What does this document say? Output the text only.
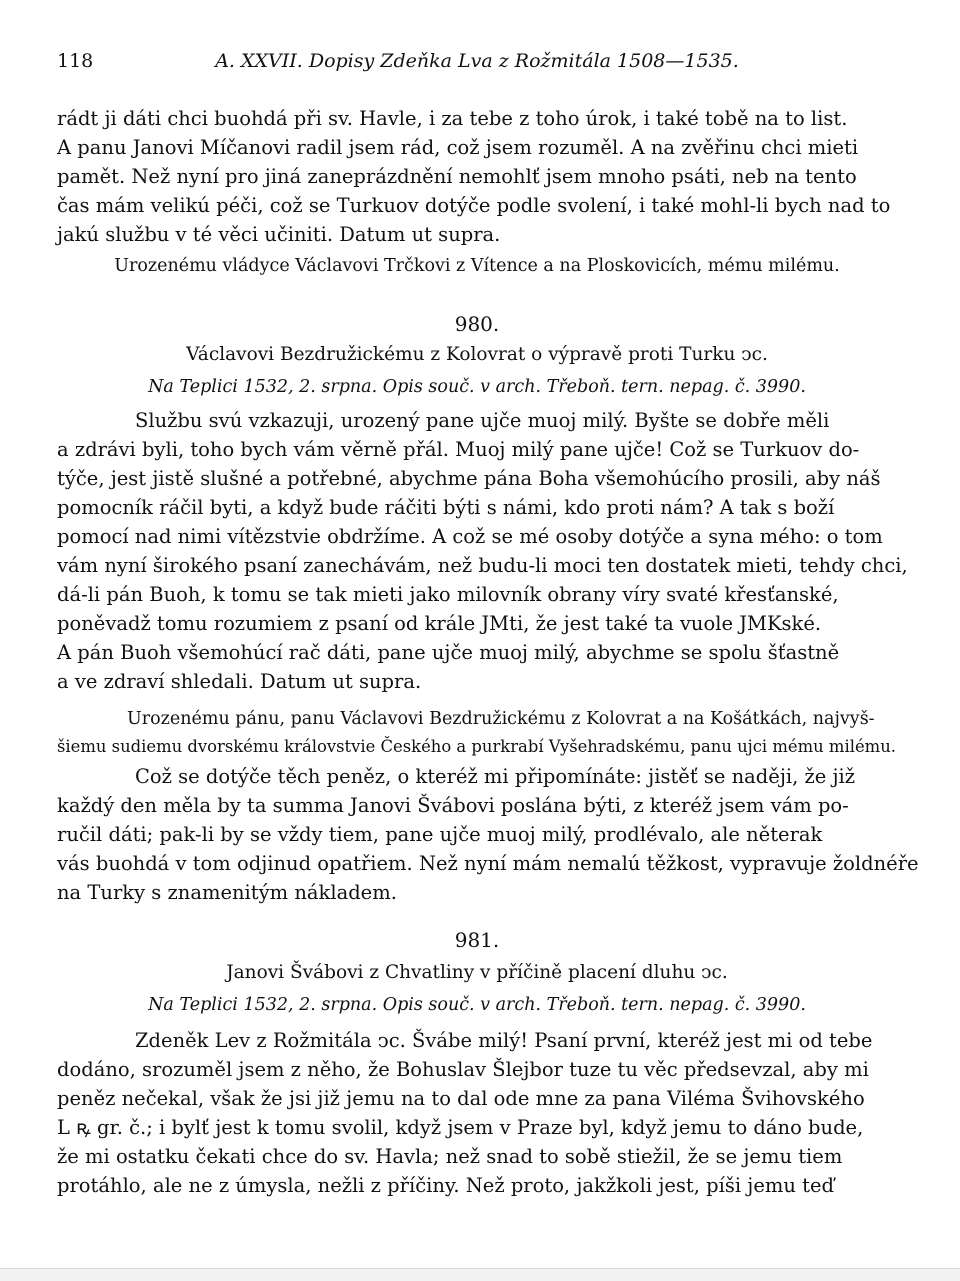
118	A. XXVII. Dopisy Zdeňka Lva z Rožmitála 1508—1535.
rádt ji dáti chci buohdá při sv. Havle, i za tebe z toho úrok, i také tobě na to list.
A panu Janovi Míčanovi radil jsem rád, což jsem rozuměl. A na zvěřinu chci mieti
pamět. Než nyní pro jiná zaneprázdnění nemohlť jsem mnoho psáti, neb na tento
čas mám velikú péči, což se Turkuov dotýče podle svolení, i také mohl-li bych nad to
jakú službu v té věci učiniti. Datum ut supra.
Urozenému vládyce Václavovi Trčkovi z Vítence a na Ploskovicích, mému milému.
980.
Václavovi Bezdružickému z Kolovrat o výpravě proti Turku ↄc.
Na Teplici 1532, 2. srpna. Opis souč. v arch. Třeboň. tern. nepag. č. 3990.
Službu svú vzkazuji, urozený pane ujče muoj milý. Byšte se dobře měli
a zdrávi byli, toho bych vám věrně přál. Muoj milý pane ujče! Což se Turkuov do-
týče, jest jistě slušné a potřebné, abychme pána Boha všemohúcího prosili, aby náš
pomocník ráčil byti, a když bude ráčiti býti s námi, kdo proti nám? A tak s boží
pomocí nad nimi vítězstvie obdržíme. A což se mé osoby dotýče a syna mého: o tom
vám nyní širokého psaní zanechávám, než budu-li moci ten dostatek mieti, tehdy chci,
dá-li pán Buoh, k tomu se tak mieti jako milovník obrany víry svaté křesťanské,
poněvadž tomu rozumiem z psaní od krále JMti, že jest také ta vuole JMKské.
A pán Buoh všemohúcí rač dáti, pane ujče muoj milý, abychme se spolu šťastně
a ve zdraví shledali. Datum ut supra.
Urozenému pánu, panu Václavovi Bezdružickému z Kolovrat a na Košátkách, najvyš-
šiemu sudiemu dvorskému královstvie Českého a purkrabí Vyšehradskému, panu ujci mému milému.
Což se dotýče těch peněz, o kteréž mi připomínáte: jistěť se naději, že již
každý den měla by ta summa Janovi Švábovi poslána býti, z kteréž jsem vám po-
ručil dáti; pak-li by se vždy tiem, pane ujče muoj milý, prodlévalo, ale něterak
vás buohdá v tom odjinud opatřiem. Než nyní mám nemalú těžkost, vypravuje žoldnéře
na Turky s znamenitým nákladem.
981.
Janovi Švábovi z Chvatliny v příčině placení dluhu ↄc.
Na Teplici 1532, 2. srpna. Opis souč. v arch. Třeboň. tern. nepag. č. 3990.
Zdeněk Lev z Rožmitála ↄc. Švábe milý! Psaní první, kteréž jest mi od tebe
dodáno, srozuměl jsem z něho, že Bohuslav Šlejbor tuze tu věc předsevzal, aby mi
peněz nečekal, však že jsi již jemu na to dal ode mne za pana Viléma Švihovského
L ꝶ gr. č.; i bylť jest k tomu svolil, když jsem v Praze byl, když jemu to dáno bude,
že mi ostatku čekati chce do sv. Havla; než snad to sobě stiežil, že se jemu tiem
protáhlo, ale ne z úmysla, nežli z příčiny. Než proto, jakžkoli jest, píši jemu teď
